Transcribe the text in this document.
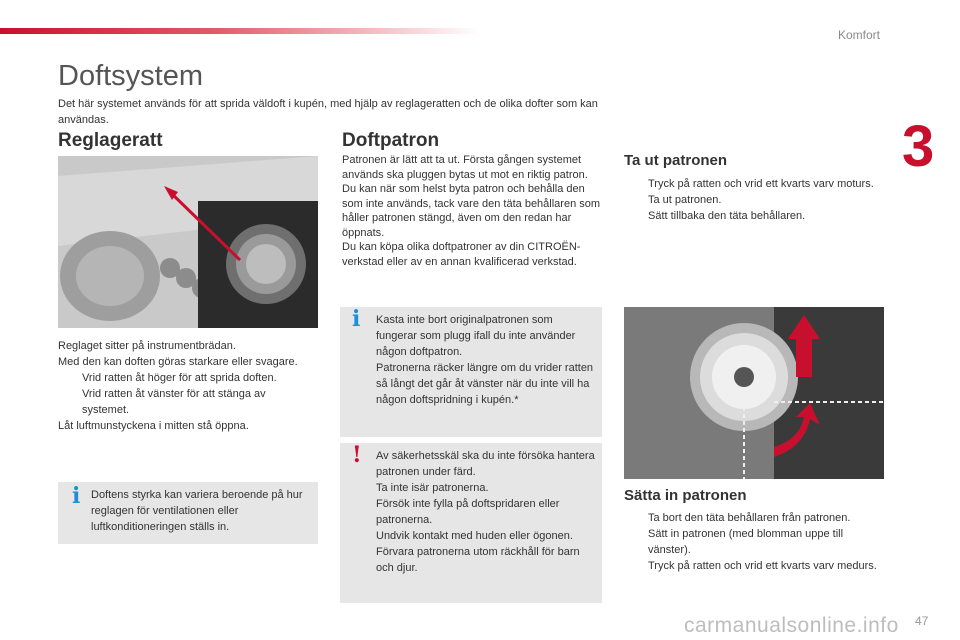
Komfort
3
Doftsystem
Det här systemet används för att sprida väldoft i kupén, med hjälp av reglageratten och de olika dofter som kan användas.
Reglageratt

Reglaget sitter på instrumentbrädan.

Med den kan doften göras starkare eller svagare.

Vrid ratten åt höger för att sprida doften.
Vrid ratten åt vänster för att stänga av systemet.

Låt luftmunstyckena i mitten stå öppna.

i Doftens styrka kan variera beroende på hur reglagen för ventilationen eller luftkonditioneringen ställs in.
Doftpatron

Patronen är lätt att ta ut. Första gången systemet används ska pluggen bytas ut mot en riktig patron.

Du kan när som helst byta patron och behålla den som inte används, tack vare den täta behållaren som håller patronen stängd, även om den redan har öppnats.

Du kan köpa olika doftpatroner av din CITROËN-verkstad eller av en annan kvalificerad verkstad.

i Kasta inte bort originalpatronen som fungerar som plugg ifall du inte använder någon doftpatron.

Patronerna räcker längre om du vrider ratten så långt det går åt vänster när du inte vill ha någon doftspridning i kupén.*

! Av säkerhetsskäl ska du inte försöka hantera patronen under färd.

Ta inte isär patronerna.

Försök inte fylla på doftspridaren eller patronerna.

Undvik kontakt med huden eller ögonen.

Förvara patronerna utom räckhåll för barn och djur.

Ta ut patronen
Tryck på ratten och vrid ett kvarts varv moturs.
Ta ut patronen.
Sätt tillbaka den täta behållaren.
Sätta in patronen
Ta bort den täta behållaren från patronen.
Sätt in patronen (med blomman uppe till vänster).
Tryck på ratten och vrid ett kvarts varv medurs.
carmanualsonline.info 47
